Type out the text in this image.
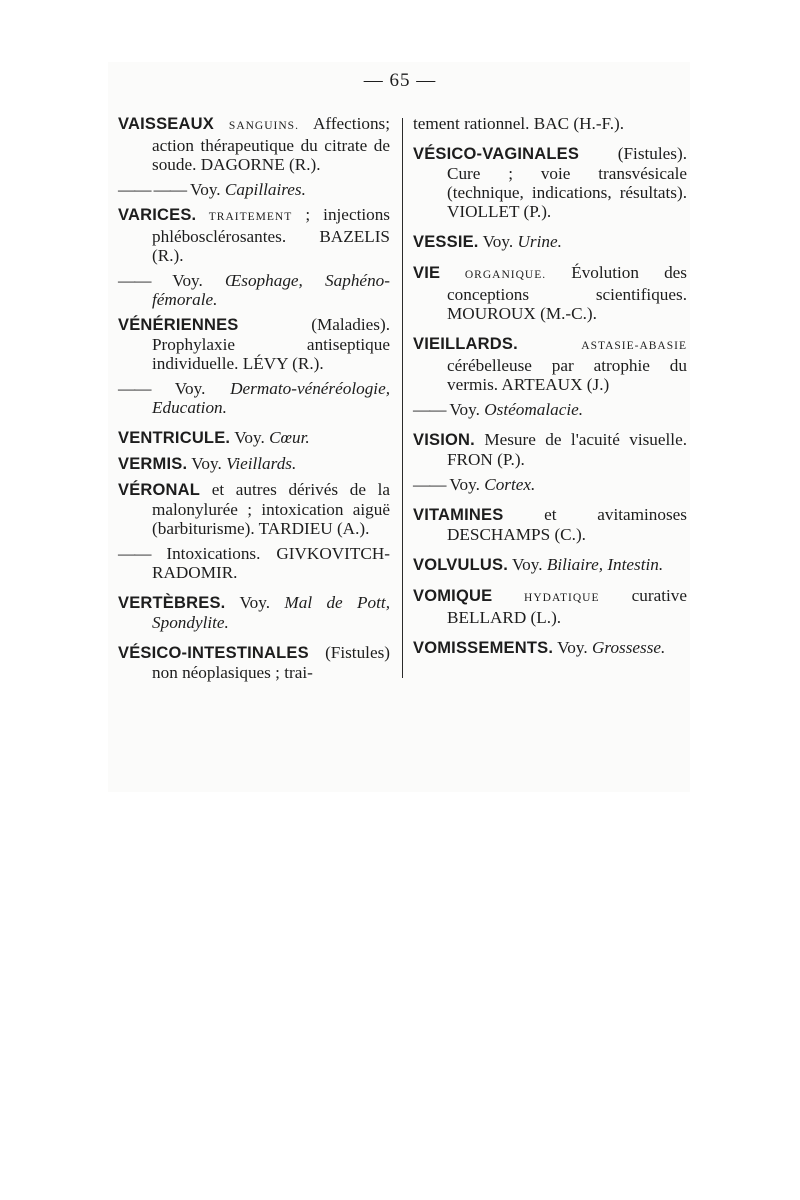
— 65 —
VAISSEAUX SANGUINS. Affections; action thérapeutique du citrate de soude. DAGORNE (R.).
—— —— Voy. Capillaires.
VARICES. TRAITEMENT ; injections phlébosclérosantes. BAZELIS (R.).
—— Voy. Œsophage, Saphéno-fémorale.
VÉNÉRIENNES (Maladies). Prophylaxie antiseptique individuelle. LÉVY (R.).
—— Voy. Dermato-vénéréologie, Education.
VENTRICULE. Voy. Cœur.
VERMIS. Voy. Vieillards.
VÉRONAL et autres dérivés de la malonylurée ; intoxication aiguë (barbiturisme). TARDIEU (A.).
—— Intoxications. GIVKOVITCH-RADOMIR.
VERTÈBRES. Voy. Mal de Pott, Spondylite.
VÉSICO-INTESTINALES (Fistules) non néoplasiques ; trai-
tement rationnel. BAC (H.-F.).
VÉSICO-VAGINALES (Fistules). Cure ; voie transvésicale (technique, indications, résultats). VIOLLET (P.).
VESSIE. Voy. Urine.
VIE ORGANIQUE. Évolution des conceptions scientifiques. MOUROUX (M.-C.).
VIEILLARDS. ASTASIE-ABASIE cérébelleuse par atrophie du vermis. ARTEAUX (J.)
—— Voy. Ostéomalacie.
VISION. Mesure de l'acuité visuelle. FRON (P.).
—— Voy. Cortex.
VITAMINES et avitaminoses DESCHAMPS (C.).
VOLVULUS. Voy. Biliaire, Intestin.
VOMIQUE HYDATIQUE curative BELLARD (L.).
VOMISSEMENTS. Voy. Grossesse.
